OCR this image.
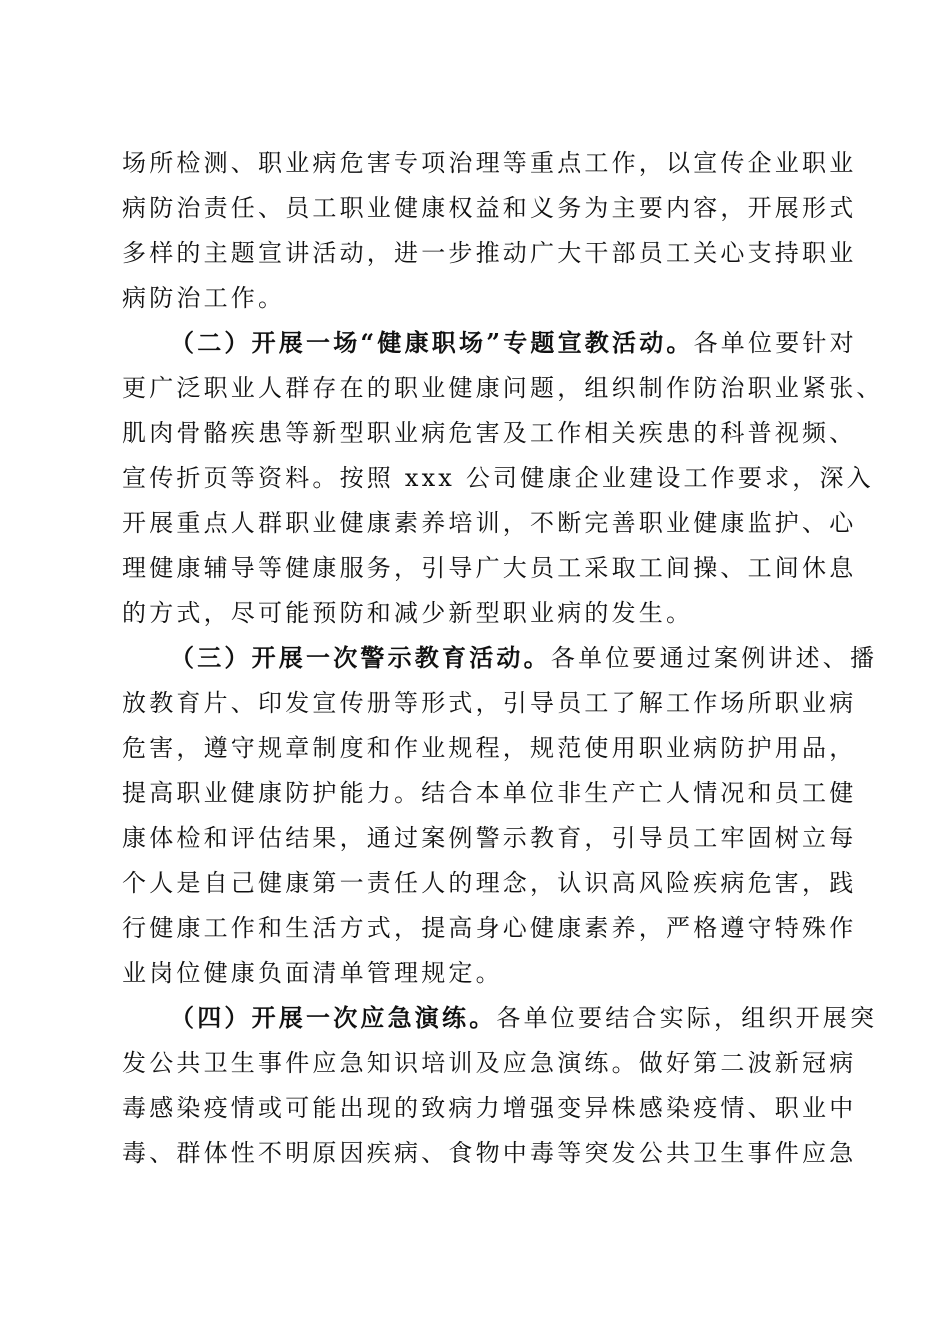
场所检测、职业病危害专项治理等重点工作，以宣传企业职业
病防治责任、员工职业健康权益和义务为主要内容，开展形式
多样的主题宣讲活动，进一步推动广大干部员工关心支持职业
病防治工作。
（二）开展一场“健康职场”专题宣教活动。各单位要针对
更广泛职业人群存在的职业健康问题，组织制作防治职业紧张、
肌肉骨骼疾患等新型职业病危害及工作相关疾患的科普视频、
宣传折页等资料。按照 xxx 公司健康企业建设工作要求，深入
开展重点人群职业健康素养培训，不断完善职业健康监护、心
理健康辅导等健康服务，引导广大员工采取工间操、工间休息
的方式，尽可能预防和减少新型职业病的发生。
（三）开展一次警示教育活动。各单位要通过案例讲述、播
放教育片、印发宣传册等形式，引导员工了解工作场所职业病
危害，遵守规章制度和作业规程，规范使用职业病防护用品，
提高职业健康防护能力。结合本单位非生产亡人情况和员工健
康体检和评估结果，通过案例警示教育，引导员工牢固树立每
个人是自己健康第一责任人的理念，认识高风险疾病危害，践
行健康工作和生活方式，提高身心健康素养，严格遵守特殊作
业岗位健康负面清单管理规定。
（四）开展一次应急演练。各单位要结合实际，组织开展突
发公共卫生事件应急知识培训及应急演练。做好第二波新冠病
毒感染疫情或可能出现的致病力增强变异株感染疫情、职业中
毒、群体性不明原因疾病、食物中毒等突发公共卫生事件应急
